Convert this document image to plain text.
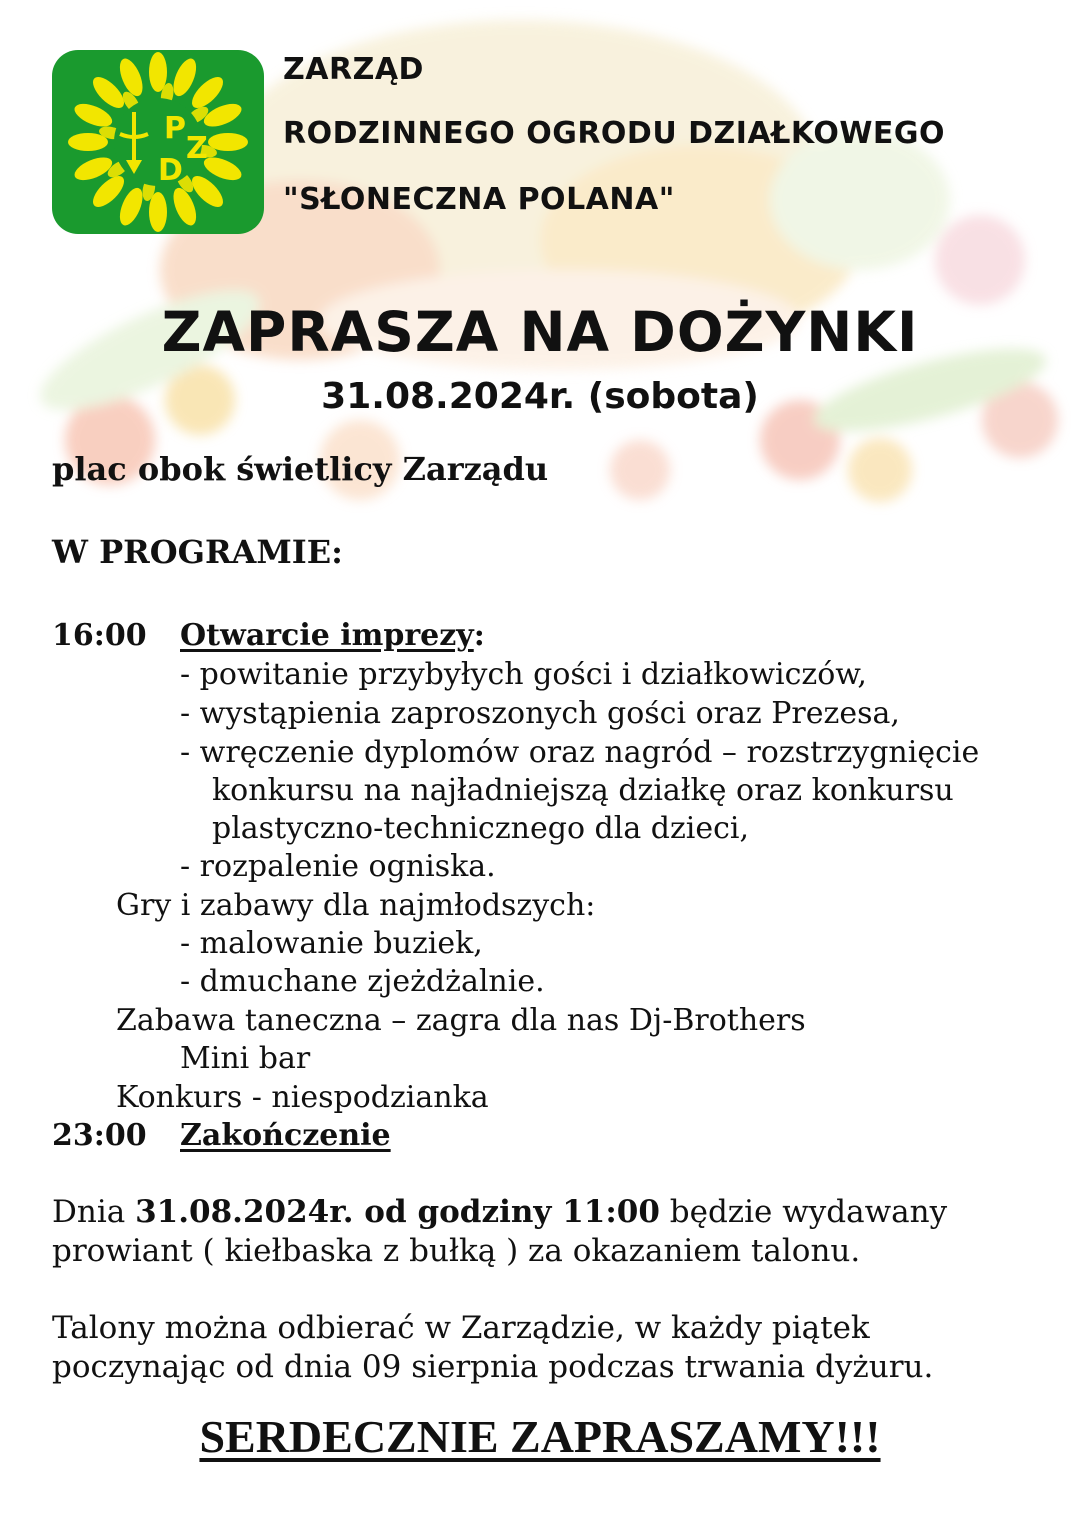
P
Z
D
ZARZĄD
RODZINNEGO OGRODU DZIAŁKOWEGO
"SŁONECZNA POLANA"
ZAPRASZA NA DOŻYNKI
31.08.2024r. (sobota)
plac obok świetlicy Zarządu
W PROGRAMIE:
16:00 Otwarcie imprezy:
- powitanie przybyłych gości i działkowiczów,
- wystąpienia zaproszonych gości oraz Prezesa,
- wręczenie dyplomów oraz nagród – rozstrzygnięcie
konkursu na najładniejszą działkę oraz konkursu
plastyczno-technicznego dla dzieci,
- rozpalenie ogniska.
Gry i zabawy dla najmłodszych:
- malowanie buziek,
- dmuchane zjeżdżalnie.
Zabawa taneczna – zagra dla nas Dj-Brothers
Mini bar
Konkurs - niespodzianka
23:00 Zakończenie
Dnia 31.08.2024r. od godziny 11:00 będzie wydawany prowiant ( kiełbaska z bułką ) za okazaniem talonu.
Talony można odbierać w Zarządzie, w każdy piątek poczynając od dnia 09 sierpnia podczas trwania dyżuru.
SERDECZNIE ZAPRASZAMY!!!
